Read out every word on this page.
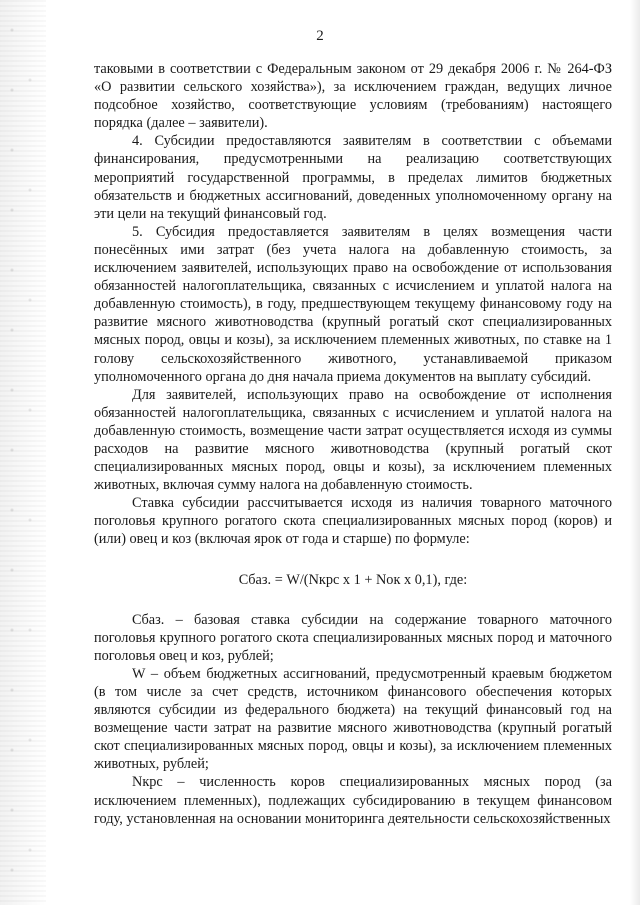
2

таковыми в соответствии с Федеральным законом от 29 декабря 2006 г. № 264-ФЗ «О развитии сельского хозяйства»), за исключением граждан, ведущих личное подсобное хозяйство, соответствующие условиям (требованиям) настоящего порядка (далее – заявители).

4. Субсидии предоставляются заявителям в соответствии с объемами финансирования, предусмотренными на реализацию соответствующих мероприятий государственной программы, в пределах лимитов бюджетных обязательств и бюджетных ассигнований, доведенных уполномоченному органу на эти цели на текущий финансовый год.

5. Субсидия предоставляется заявителям в целях возмещения части понесённых ими затрат (без учета налога на добавленную стоимость, за исключением заявителей, использующих право на освобождение от использования обязанностей налогоплательщика, связанных с исчислением и уплатой налога на добавленную стоимость), в году, предшествующем текущему финансовому году на развитие мясного животноводства (крупный рогатый скот специализированных мясных пород, овцы и козы), за исключением племенных животных, по ставке на 1 голову сельскохозяйственного животного, устанавливаемой приказом уполномоченного органа до дня начала приема документов на выплату субсидий.

Для заявителей, использующих право на освобождение от исполнения обязанностей налогоплательщика, связанных с исчислением и уплатой налога на добавленную стоимость, возмещение части затрат осуществляется исходя из суммы расходов на развитие мясного животноводства (крупный рогатый скот специализированных мясных пород, овцы и козы), за исключением племенных животных, включая сумму налога на добавленную стоимость.

Ставка субсидии рассчитывается исходя из наличия товарного маточного поголовья крупного рогатого скота специализированных мясных пород (коров) и (или) овец и коз (включая ярок от года и старше) по формуле:

Cбаз. = W/(Nкрс x 1 + Nок x 0,1), где:

Cбаз. – базовая ставка субсидии на содержание товарного маточного поголовья крупного рогатого скота специализированных мясных пород и маточного поголовья овец и коз, рублей;

W – объем бюджетных ассигнований, предусмотренный краевым бюджетом (в том числе за счет средств, источником финансового обеспечения которых являются субсидии из федерального бюджета) на текущий финансовый год на возмещение части затрат на развитие мясного животноводства (крупный рогатый скот специализированных мясных пород, овцы и козы), за исключением племенных животных, рублей;

Nкрс – численность коров специализированных мясных пород (за исключением племенных), подлежащих субсидированию в текущем финансовом году, установленная на основании мониторинга деятельности сельскохозяйственных
